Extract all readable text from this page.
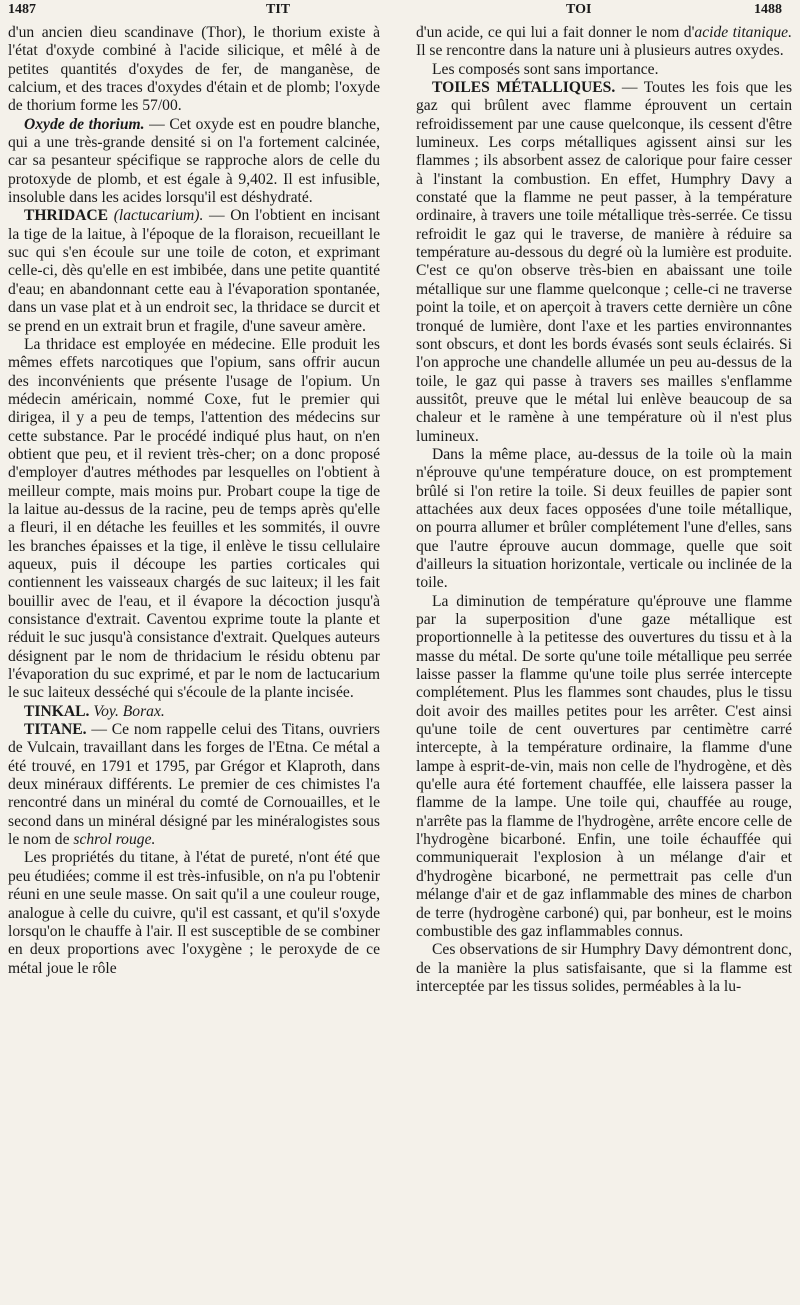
1487	TIT	TOI	1488

d'un ancien dieu scandinave (Thor), le thorium existe à l'état d'oxyde combiné à l'acide silicique, et mêlé à de petites quantités d'oxydes de fer, de manganèse, de calcium, et des traces d'oxydes d'étain et de plomb; l'oxyde de thorium forme les 57/00.

Oxyde de thorium. — Cet oxyde est en poudre blanche, qui a une très-grande densité si on l'a fortement calcinée, car sa pesanteur spécifique se rapproche alors de celle du protoxyde de plomb, et est égale à 9,402. Il est infusible, insoluble dans les acides lorsqu'il est déshydraté.

THRIDACE (lactucarium). — On l'obtient en incisant la tige de la laitue, à l'époque de la floraison, recueillant le suc qui s'en écoule sur une toile de coton, et exprimant celle-ci, dès qu'elle en est imbibée, dans une petite quantité d'eau; en abandonnant cette eau à l'évaporation spontanée, dans un vase plat et à un endroit sec, la thridace se durcit et se prend en un extrait brun et fragile, d'une saveur amère.

La thridace est employée en médecine. Elle produit les mêmes effets narcotiques que l'opium, sans offrir aucun des inconvénients que présente l'usage de l'opium. Un médecin américain, nommé Coxe, fut le premier qui dirigea, il y a peu de temps, l'attention des médecins sur cette substance. Par le procédé indiqué plus haut, on n'en obtient que peu, et il revient très-cher; on a donc proposé d'employer d'autres méthodes par lesquelles on l'obtient à meilleur compte, mais moins pur. Probart coupe la tige de la laitue au-dessus de la racine, peu de temps après qu'elle a fleuri, il en détache les feuilles et les sommités, il ouvre les branches épaisses et la tige, il enlève le tissu cellulaire aqueux, puis il découpe les parties corticales qui contiennent les vaisseaux chargés de suc laiteux; il les fait bouillir avec de l'eau, et il évapore la décoction jusqu'à consistance d'extrait. Caventou exprime toute la plante et réduit le suc jusqu'à consistance d'extrait. Quelques auteurs désignent par le nom de thridacium le résidu obtenu par l'évaporation du suc exprimé, et par le nom de lactucarium le suc laiteux desséché qui s'écoule de la plante incisée.

TINKAL. Voy. Borax.

TITANE. — Ce nom rappelle celui des Titans, ouvriers de Vulcain, travaillant dans les forges de l'Etna. Ce métal a été trouvé, en 1791 et 1795, par Grégor et Klaproth, dans deux minéraux différents. Le premier de ces chimistes l'a rencontré dans un minéral du comté de Cornouailles, et le second dans un minéral désigné par les minéralogistes sous le nom de schrol rouge.

Les propriétés du titane, à l'état de pureté, n'ont été que peu étudiées; comme il est très-infusible, on n'a pu l'obtenir réuni en une seule masse. On sait qu'il a une couleur rouge, analogue à celle du cuivre, qu'il est cassant, et qu'il s'oxyde lorsqu'on le chauffe à l'air. Il est susceptible de se combiner en deux proportions avec l'oxygène ; le peroxyde de ce métal joue le rôle

d'un acide, ce qui lui a fait donner le nom d'acide titanique. Il se rencontre dans la nature uni à plusieurs autres oxydes.

Les composés sont sans importance.

TOILES MÉTALLIQUES. — Toutes les fois que les gaz qui brûlent avec flamme éprouvent un certain refroidissement par une cause quelconque, ils cessent d'être lumineux. Les corps métalliques agissent ainsi sur les flammes ; ils absorbent assez de calorique pour faire cesser à l'instant la combustion. En effet, Humphry Davy a constaté que la flamme ne peut passer, à la température ordinaire, à travers une toile métallique très-serrée. Ce tissu refroidit le gaz qui le traverse, de manière à réduire sa température au-dessous du degré où la lumière est produite. C'est ce qu'on observe très-bien en abaissant une toile métallique sur une flamme quelconque ; celle-ci ne traverse point la toile, et on aperçoit à travers cette dernière un cône tronqué de lumière, dont l'axe et les parties environnantes sont obscurs, et dont les bords évasés sont seuls éclairés. Si l'on approche une chandelle allumée un peu au-dessus de la toile, le gaz qui passe à travers ses mailles s'enflamme aussitôt, preuve que le métal lui enlève beaucoup de sa chaleur et le ramène à une température où il n'est plus lumineux.

Dans la même place, au-dessus de la toile où la main n'éprouve qu'une température douce, on est promptement brûlé si l'on retire la toile. Si deux feuilles de papier sont attachées aux deux faces opposées d'une toile métallique, on pourra allumer et brûler complétement l'une d'elles, sans que l'autre éprouve aucun dommage, quelle que soit d'ailleurs la situation horizontale, verticale ou inclinée de la toile.

La diminution de température qu'éprouve une flamme par la superposition d'une gaze métallique est proportionnelle à la petitesse des ouvertures du tissu et à la masse du métal. De sorte qu'une toile métallique peu serrée laisse passer la flamme qu'une toile plus serrée intercepte complétement. Plus les flammes sont chaudes, plus le tissu doit avoir des mailles petites pour les arrêter. C'est ainsi qu'une toile de cent ouvertures par centimètre carré intercepte, à la température ordinaire, la flamme d'une lampe à esprit-de-vin, mais non celle de l'hydrogène, et dès qu'elle aura été fortement chauffée, elle laissera passer la flamme de la lampe. Une toile qui, chauffée au rouge, n'arrête pas la flamme de l'hydrogène, arrête encore celle de l'hydrogène bicarboné. Enfin, une toile échauffée qui communiquerait l'explosion à un mélange d'air et d'hydrogène bicarboné, ne permettrait pas celle d'un mélange d'air et de gaz inflammable des mines de charbon de terre (hydrogène carboné) qui, par bonheur, est le moins combustible des gaz inflammables connus.

Ces observations de sir Humphry Davy démontrent donc, de la manière la plus satisfaisante, que si la flamme est interceptée par les tissus solides, perméables à la lu-
